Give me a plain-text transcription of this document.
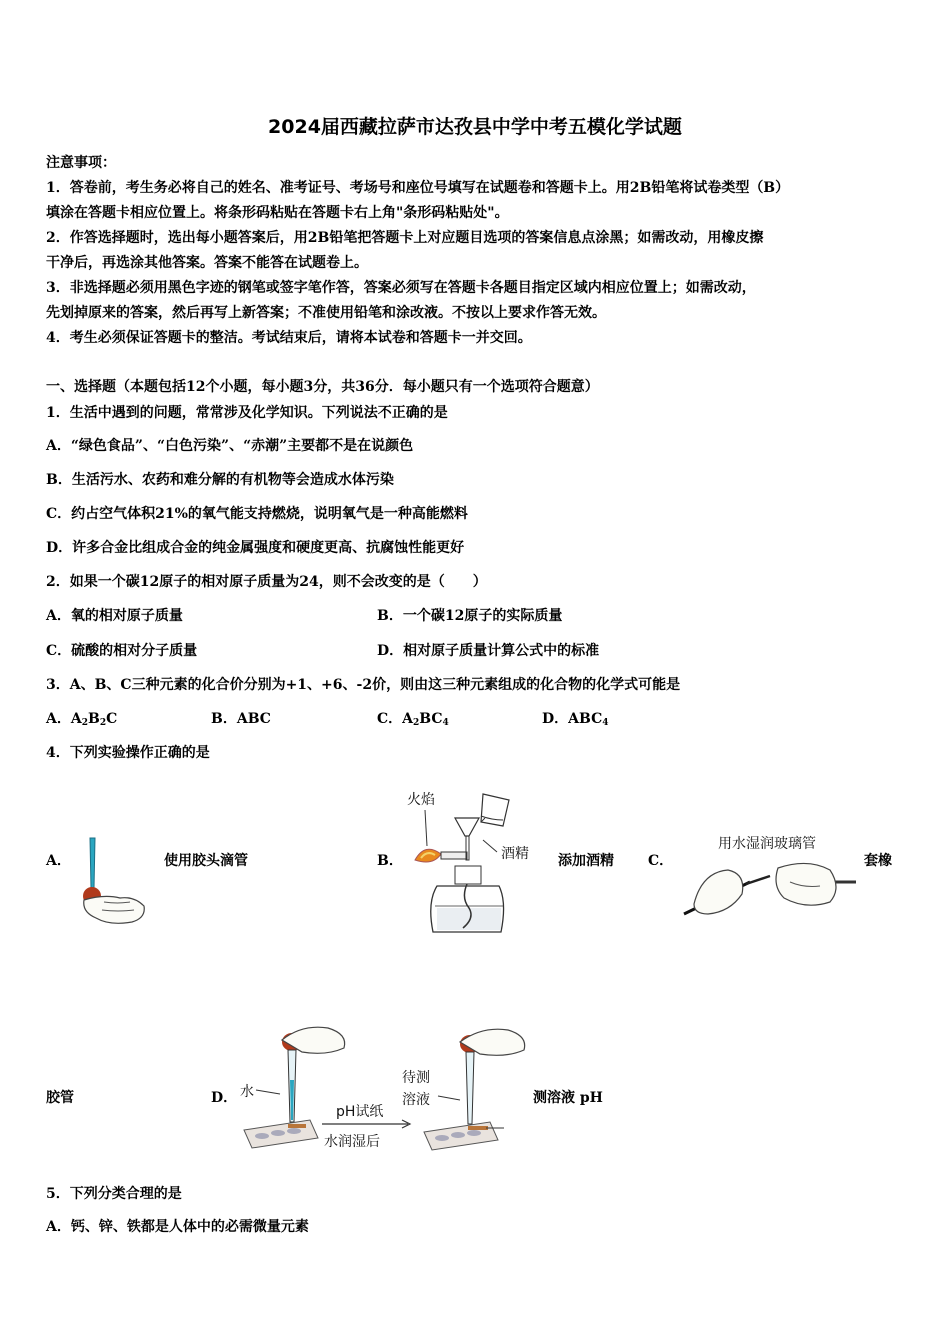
2024届西藏拉萨市达孜县中学中考五模化学试题
注意事项：
1．答卷前，考生务必将自己的姓名、准考证号、考场号和座位号填写在试题卷和答题卡上。用2B铅笔将试卷类型（B）
填涂在答题卡相应位置上。将条形码粘贴在答题卡右上角"条形码粘贴处"。
2．作答选择题时，选出每小题答案后，用2B铅笔把答题卡上对应题目选项的答案信息点涂黑；如需改动，用橡皮擦
干净后，再选涂其他答案。答案不能答在试题卷上。
3．非选择题必须用黑色字迹的钢笔或签字笔作答，答案必须写在答题卡各题目指定区域内相应位置上；如需改动，
先划掉原来的答案，然后再写上新答案；不准使用铅笔和涂改液。不按以上要求作答无效。
4．考生必须保证答题卡的整洁。考试结束后，请将本试卷和答题卡一并交回。
一、选择题（本题包括12个小题，每小题3分，共36分．每小题只有一个选项符合题意）
1．生活中遇到的问题，常常涉及化学知识。下列说法不正确的是
A．“绿色食品”、“白色污染”、“赤潮”主要都不是在说颜色
B．生活污水、农药和难分解的有机物等会造成水体污染
C．约占空气体积21%的氧气能支持燃烧，说明氧气是一种高能燃料
D．许多合金比组成合金的纯金属强度和硬度更高、抗腐蚀性能更好
2．如果一个碳12原子的相对原子质量为24，则不会改变的是（　　）
A．氧的相对原子质量	B．一个碳12原子的实际质量
C．硫酸的相对分子质量	D．相对原子质量计算公式中的标准
3．A、B、C三种元素的化合价分别为+1、+6、-2价，则由这三种元素组成的化合物的化学式可能是
A．$A_2B_2C$	B．ABC	C．$A_2BC_4$	D．$ABC_4$
4．下列实验操作正确的是
A．	使用胶头滴管	B．
火焰
酒精 添加酒精 C．
用水湿润玻璃管
套橡
胶管	D． 水
pH试纸
水润湿后
待测
溶液	测溶液 pH
5．下列分类合理的是
A．钙、锌、铁都是人体中的必需微量元素
